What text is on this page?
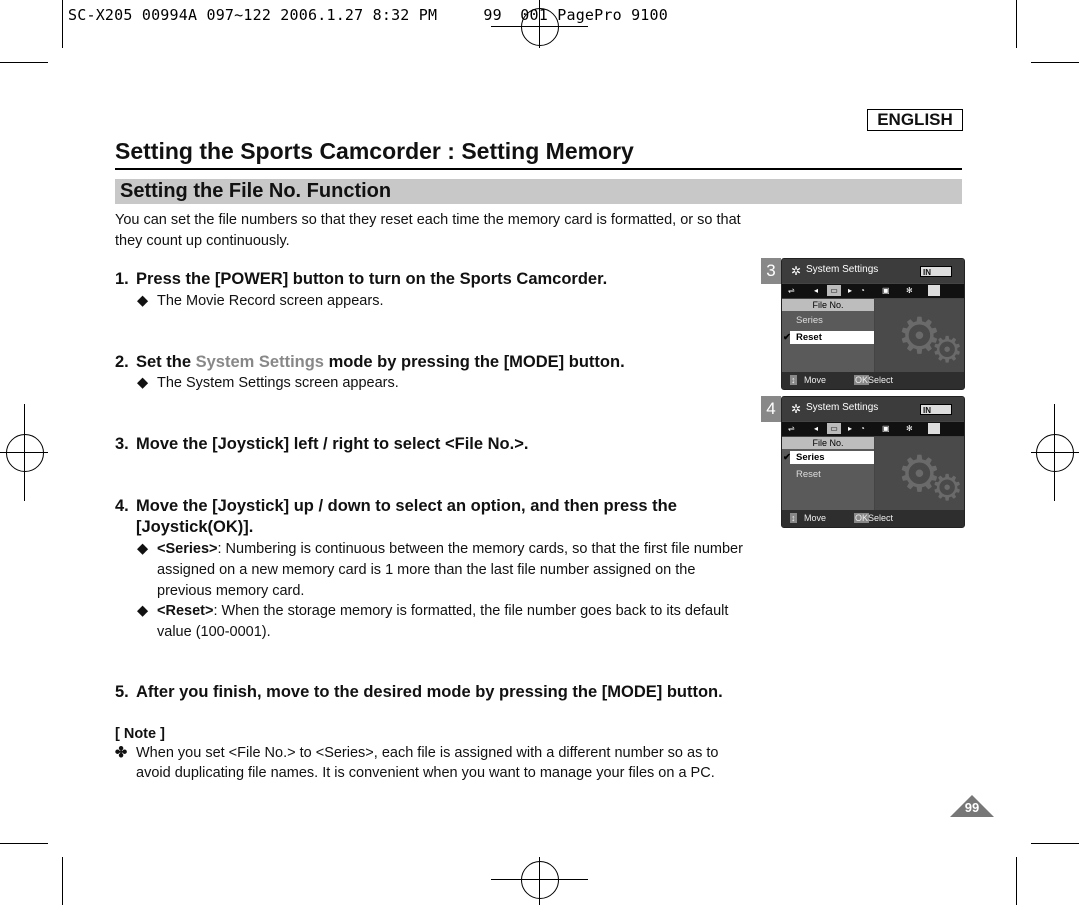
SC-X205 00994A 097~122 2006.1.27 8:32 PM     99  001 PagePro 9100
ENGLISH
Setting the Sports Camcorder : Setting Memory
Setting the File No. Function
You can set the file numbers so that they reset each time the memory card is formatted, or so that they count up continuously.
1. Press the [POWER] button to turn on the Sports Camcorder.
◆ The Movie Record screen appears.
2. Set the System Settings mode by pressing the [MODE] button.
◆ The System Settings screen appears.
3. Move the [Joystick] left / right to select <File No.>.
4. Move the [Joystick] up / down to select an option, and then press the [Joystick(OK)].
◆ <Series>: Numbering is continuous between the memory cards, so that the first file number assigned on a new memory card is 1 more than the last file number assigned on the previous memory card.
◆ <Reset>: When the storage memory is formatted, the file number goes back to its default value (100-0001).
5. After you finish, move to the desired mode by pressing the [MODE] button.
[ Note ]
✤ When you set <File No.> to <Series>, each file is assigned with a different number so as to avoid duplicating file names. It is convenient when you want to manage your files on a PC.
99
3	✲ System Settings	IN
⇌ ◂	▭	▸ ◔ ▣ ✻
File No.
Series
✔ Reset	⚙
⚙
↕ Move	OK Select
4	✲ System Settings	IN
⇌ ◂	▭	▸ ◔ ▣ ✻
File No.
✔ Series
Reset	⚙
⚙
↕ Move	OK Select
